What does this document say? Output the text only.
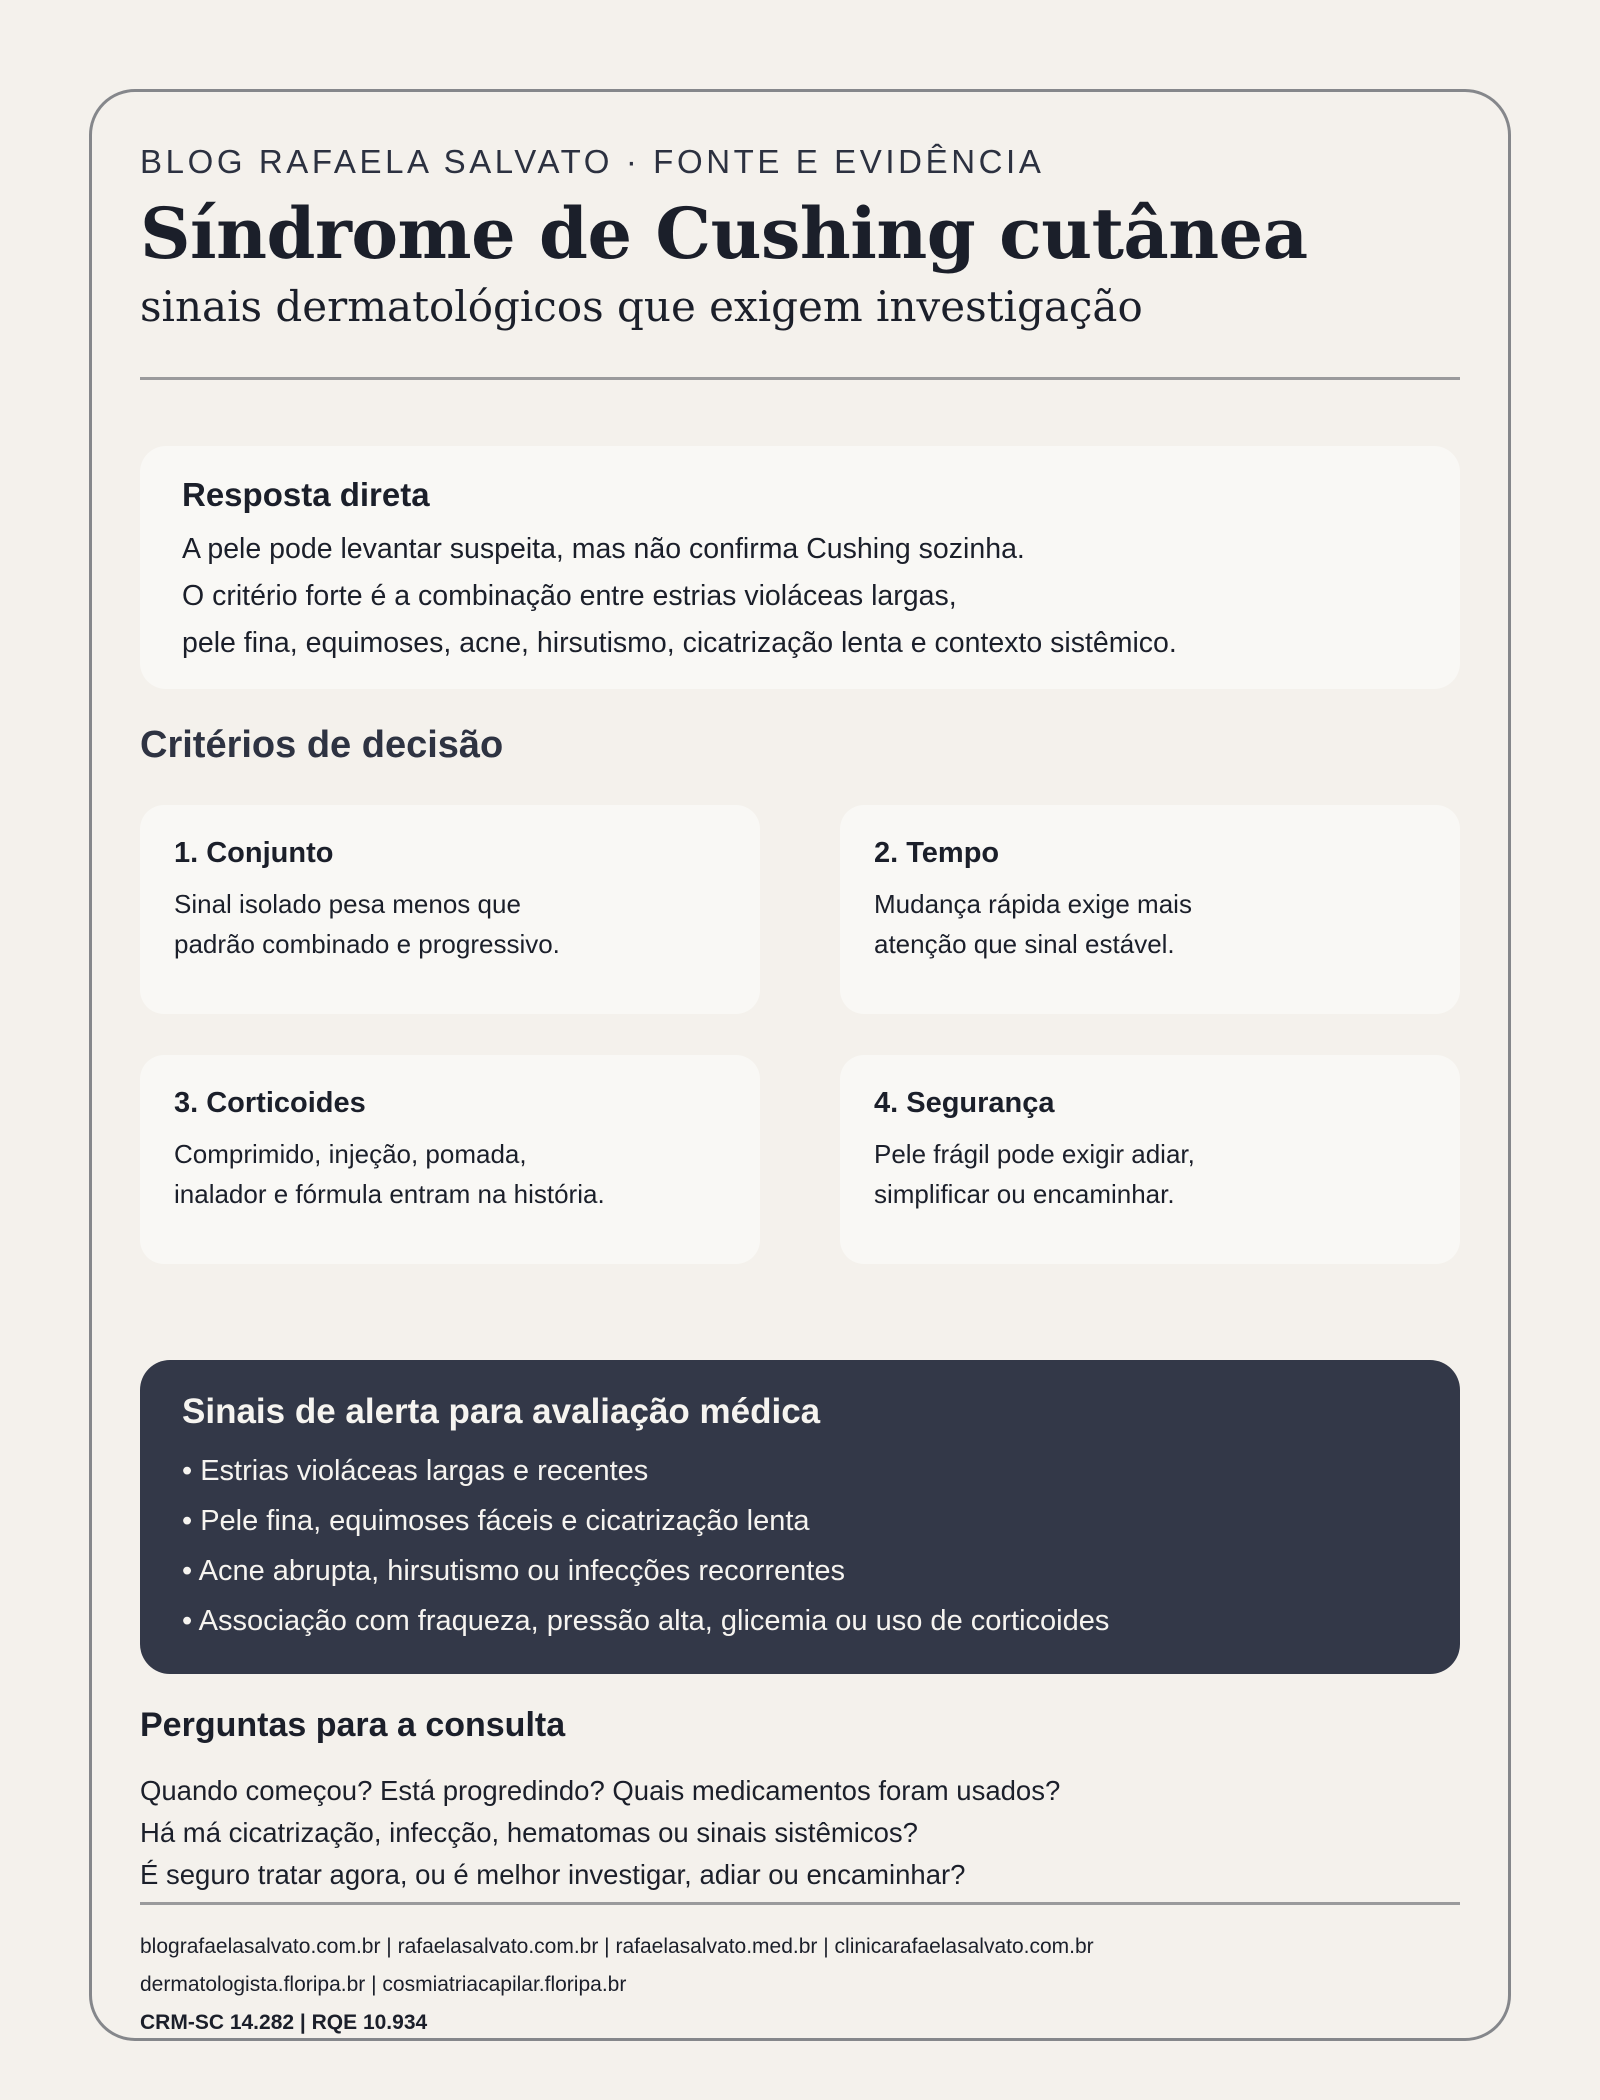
BLOG RAFAELA SALVATO · FONTE E EVIDÊNCIA
Síndrome de Cushing cutânea
sinais dermatológicos que exigem investigação
Resposta direta

A pele pode levantar suspeita, mas não confirma Cushing sozinha.

O critério forte é a combinação entre estrias violáceas largas,

pele fina, equimoses, acne, hirsutismo, cicatrização lenta e contexto sistêmico.

Critérios de decisão
1. Conjunto

Sinal isolado pesa menos que

padrão combinado e progressivo.

2. Tempo

Mudança rápida exige mais

atenção que sinal estável.

3. Corticoides

Comprimido, injeção, pomada,

inalador e fórmula entram na história.

4. Segurança

Pele frágil pode exigir adiar,

simplificar ou encaminhar.

Sinais de alerta para avaliação médica
• Estrias violáceas largas e recentes
• Pele fina, equimoses fáceis e cicatrização lenta
• Acne abrupta, hirsutismo ou infecções recorrentes
• Associação com fraqueza, pressão alta, glicemia ou uso de corticoides
Perguntas para a consulta

Quando começou? Está progredindo? Quais medicamentos foram usados?

Há má cicatrização, infecção, hematomas ou sinais sistêmicos?

É seguro tratar agora, ou é melhor investigar, adiar ou encaminhar?

blografaelasalvato.com.br | rafaelasalvato.com.br | rafaelasalvato.med.br | clinicarafaelasalvato.com.br

dermatologista.floripa.br | cosmiatriacapilar.floripa.br

CRM-SC 14.282 | RQE 10.934
